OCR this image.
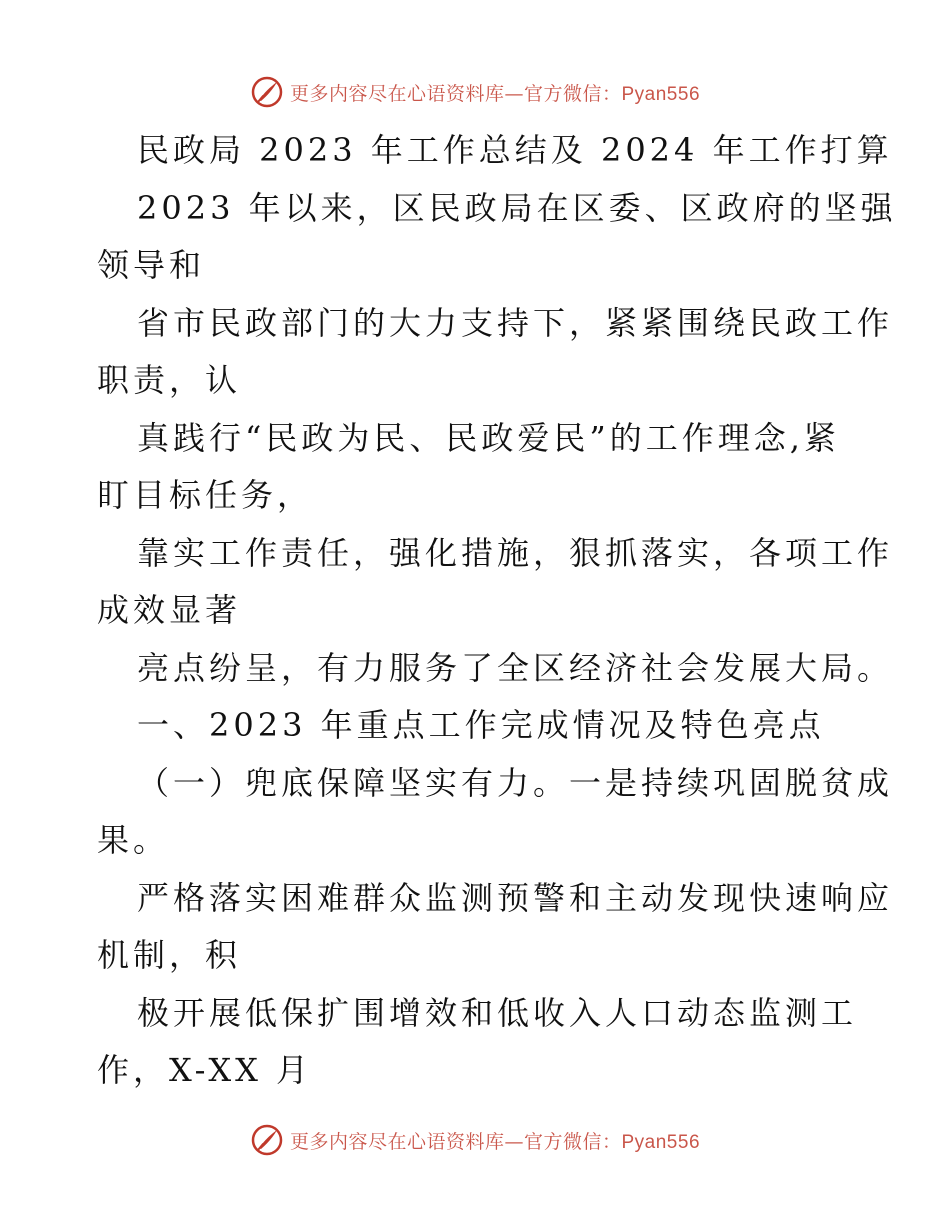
更多内容尽在心语资料库—官方微信：Pyan556
民政局 2023 年工作总结及 2024 年工作打算
2023 年以来，区民政局在区委、区政府的坚强
领导和
省市民政部门的大力支持下，紧紧围绕民政工作
职责，认
真践行“民政为民、民政爱民”的工作理念,紧
盯目标任务，
靠实工作责任，强化措施，狠抓落实，各项工作
成效显著
亮点纷呈，有力服务了全区经济社会发展大局。
一、2023 年重点工作完成情况及特色亮点
（一）兜底保障坚实有力。一是持续巩固脱贫成
果。
严格落实困难群众监测预警和主动发现快速响应
机制，积
极开展低保扩围增效和低收入人口动态监测工
作，X-XX 月
更多内容尽在心语资料库—官方微信：Pyan556
